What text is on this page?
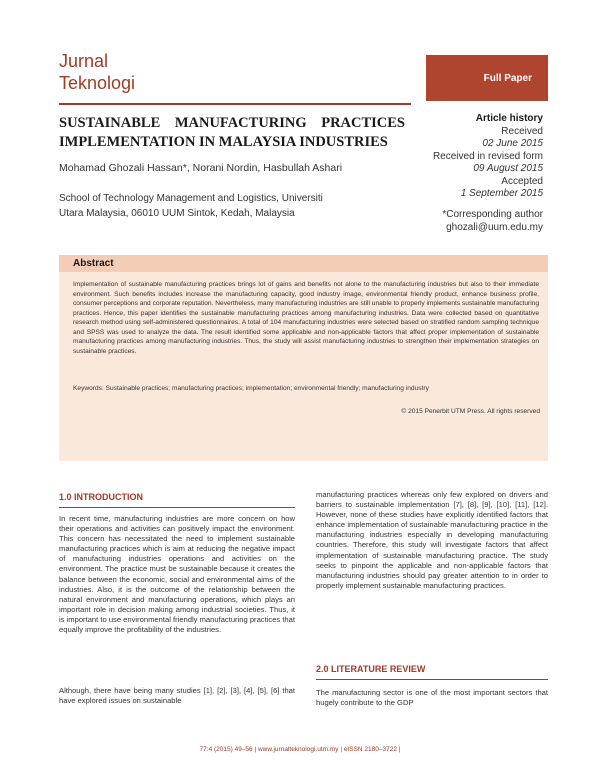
Jurnal
Teknologi	Full Paper
SUSTAINABLE MANUFACTURING PRACTICES IMPLEMENTATION IN MALAYSIA INDUSTRIES
Mohamad Ghozali Hassan*, Norani Nordin, Hasbullah Ashari
School of Technology Management and Logistics, Universiti Utara Malaysia, 06010 UUM Sintok, Kedah, Malaysia
Article history
Received
02 June 2015
Received in revised form
09 August 2015
Accepted
1 September 2015
*Corresponding author
ghozali@uum.edu.my
Abstract
Implementation of sustainable manufacturing practices brings lot of gains and benefits not alone to the manufacturing industries but also to their immediate environment. Such benefits includes increase the manufacturing capacity, good industry image, environmental friendly product, enhance business profile, consumer perceptions and corporate reputation. Nevertheless, many manufacturing industries are still unable to properly implements sustainable manufacturing practices. Hence, this paper identifies the sustainable manufacturing practices among manufacturing industries. Data were collected based on quantitative research method using self-administered questionnaires. A total of 104 manufacturing industries were selected based on stratified random sampling technique and SPSS was used to analyze the data. The result identified some applicable and non-applicable factors that affect proper implementation of sustainable manufacturing practices among manufacturing industries. Thus, the study will assist manufacturing industries to strengthen their implementation strategies on sustainable practices.
Keywords: Sustainable practices; manufacturing practices; implementation; environmental friendly; manufacturing industry
© 2015 Penerbit UTM Press. All rights reserved
1.0 INTRODUCTION
In recent time, manufacturing industries are more concern on how their operations and activities can positively impact the environment. This concern has necessitated the need to implement sustainable manufacturing practices which is aim at reducing the negative impact of manufacturing industries operations and activities on the environment. The practice must be sustainable because it creates the balance between the economic, social and environmental aims of the industries. Also, it is the outcome of the relationship between the natural environment and manufacturing operations, which plays an important role in decision making among industrial societies. Thus, it is important to use environmental friendly manufacturing practices that equally improve the profitability of the industries.
Although, there have being many studies [1], [2], [3], [4], [5], [6] that have explored issues on sustainable
manufacturing practices whereas only few explored on drivers and barriers to sustainable implementation [7], [8], [9], [10], [11], [12]. However, none of these studies have explicitly identified factors that enhance implementation of sustainable manufacturing practice in the manufacturing industries especially in developing manufacturing countries. Therefore, this study will investigate factors that affect implementation of sustainable manufacturing practice. The study seeks to pinpoint the applicable and non-applicable factors that manufacturing industries should pay greater attention to in order to properly implement sustainable manufacturing practices.
2.0 LITERATURE REVIEW
The manufacturing sector is one of the most important sectors that hugely contribute to the GDP
77:4 (2015) 49–56 | www.jurnalteknologi.utm.my | eISSN 2180–3722 |
